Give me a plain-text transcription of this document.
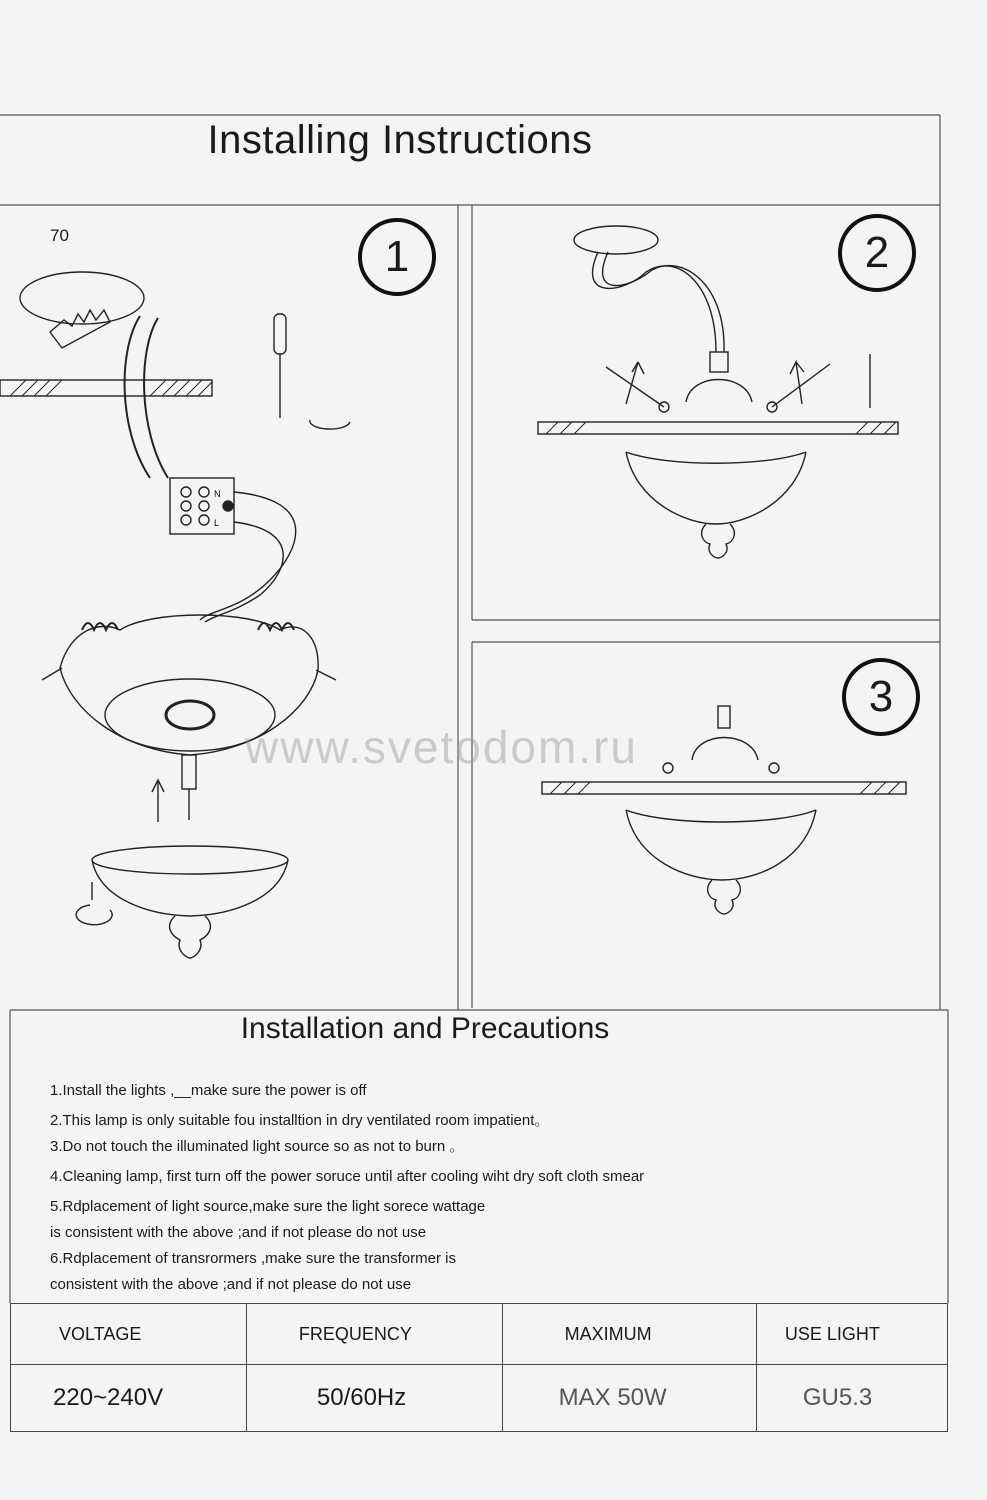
Installing Instructions
70	1
N
L
www.svetodom.ru
2
3
Installation and Precautions
1.Install the lights ,__make sure the power is off
2.This lamp is only suitable fou installtion in dry ventilated room impatient。
3.Do not touch the illuminated light source so as not to burn 。
4.Cleaning lamp, first turn off the power soruce until after cooling wiht dry soft cloth smear
5.Rdplacement of light source,make sure the light sorece wattage
is consistent with the above ;and if not please do not use
6.Rdplacement of transrormers ,make sure the transformer is
consistent with the above ;and if not please do not use
VOLTAGE	FREQUENCY	MAXIMUM	USE LIGHT
220~240V	50/60Hz	MAX 50W	GU5.3
